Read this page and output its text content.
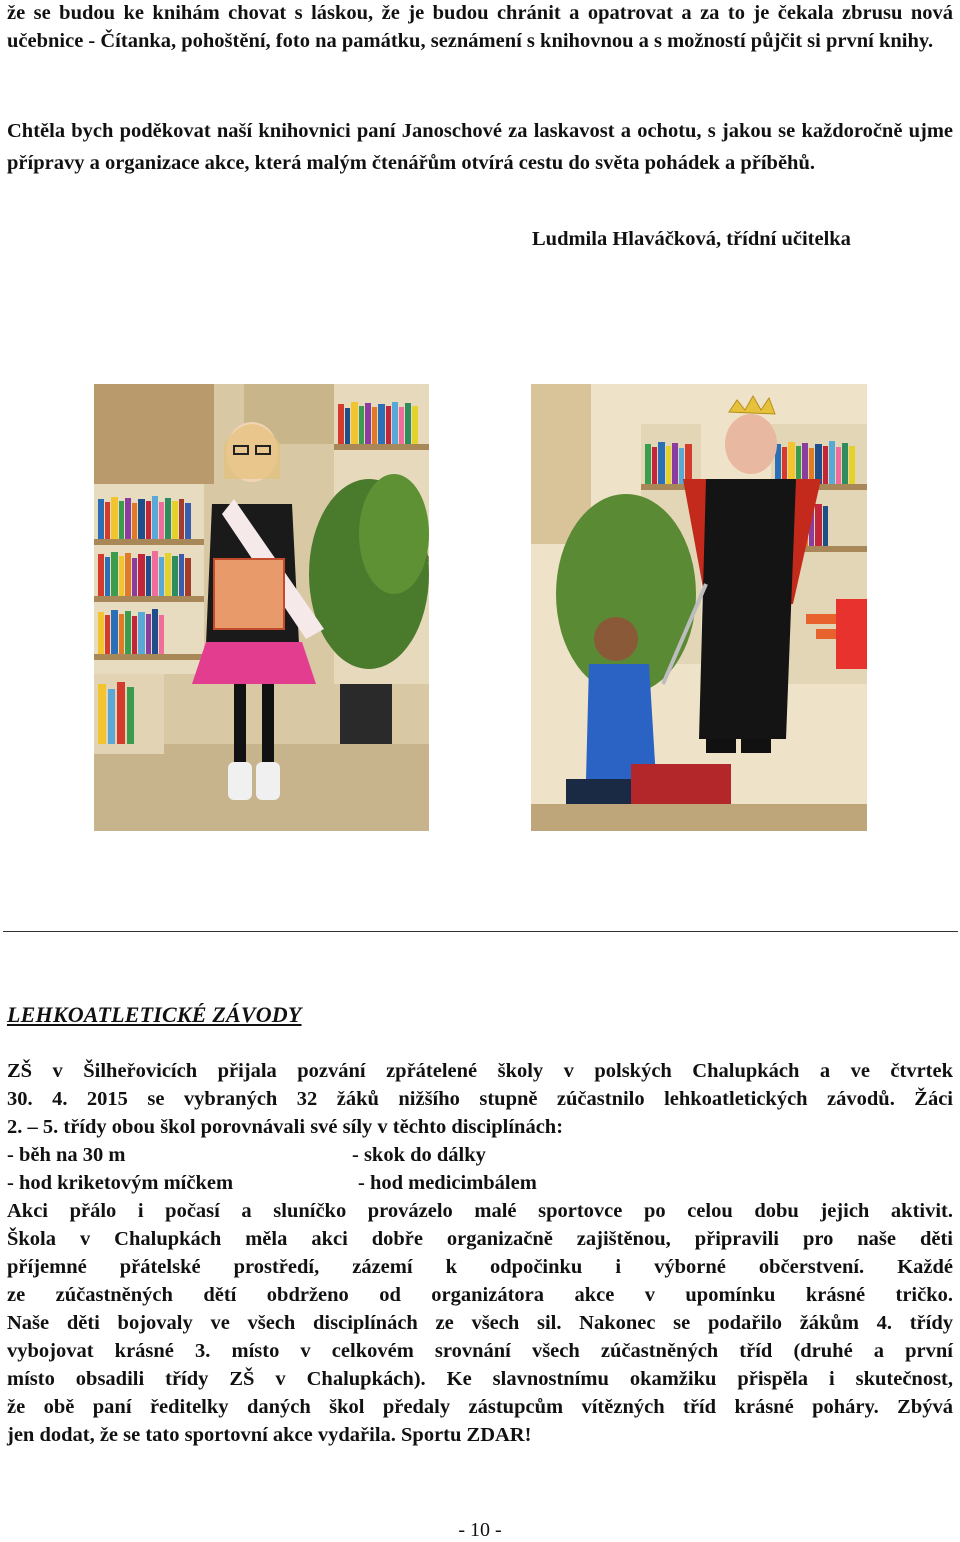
že se budou ke knihám chovat s láskou, že je budou chránit a opatrovat a za to je čekala zbrusu nová učebnice - Čítanka, pohoštění, foto na památku, seznámení s knihovnou a s možností půjčit si první knihy.
Chtěla bych poděkovat naší knihovnici paní Janoschové za laskavost a ochotu, s jakou se každoročně ujme přípravy a organizace akce, která malým čtenářům otvírá cestu do světa pohádek a příběhů.
Ludmila Hlaváčková, třídní učitelka
LEHKOATLETICKÉ ZÁVODY
ZŠ v Šilheřovicích přijala pozvání zpřátelené školy v polských Chalupkách a ve čtvrtek
30. 4. 2015 se vybraných 32 žáků nižšího stupně zúčastnilo lehkoatletických závodů. Žáci
2. – 5. třídy obou škol porovnávali své síly v těchto disciplínách:
- běh na 30 m	- skok do dálky
- hod kriketovým míčkem	- hod medicimbálem
Akci přálo i počasí a sluníčko provázelo malé sportovce po celou dobu jejich aktivit.
Škola v Chalupkách měla akci dobře organizačně zajištěnou, připravili pro naše děti
příjemné přátelské prostředí, zázemí k odpočinku i výborné občerstvení. Každé
ze zúčastněných dětí obdrženo od organizátora akce v upomínku krásné tričko.
Naše děti bojovaly ve všech disciplínách ze všech sil. Nakonec se podařilo žákům 4. třídy
vybojovat krásné 3. místo v celkovém srovnání všech zúčastněných tříd (druhé a první
místo obsadili třídy ZŠ v Chalupkách). Ke slavnostnímu okamžiku přispěla i skutečnost,
že obě paní ředitelky daných škol předaly zástupcům vítězných tříd krásné poháry. Zbývá
jen dodat, že se tato sportovní akce vydařila. Sportu ZDAR!
- 10 -
